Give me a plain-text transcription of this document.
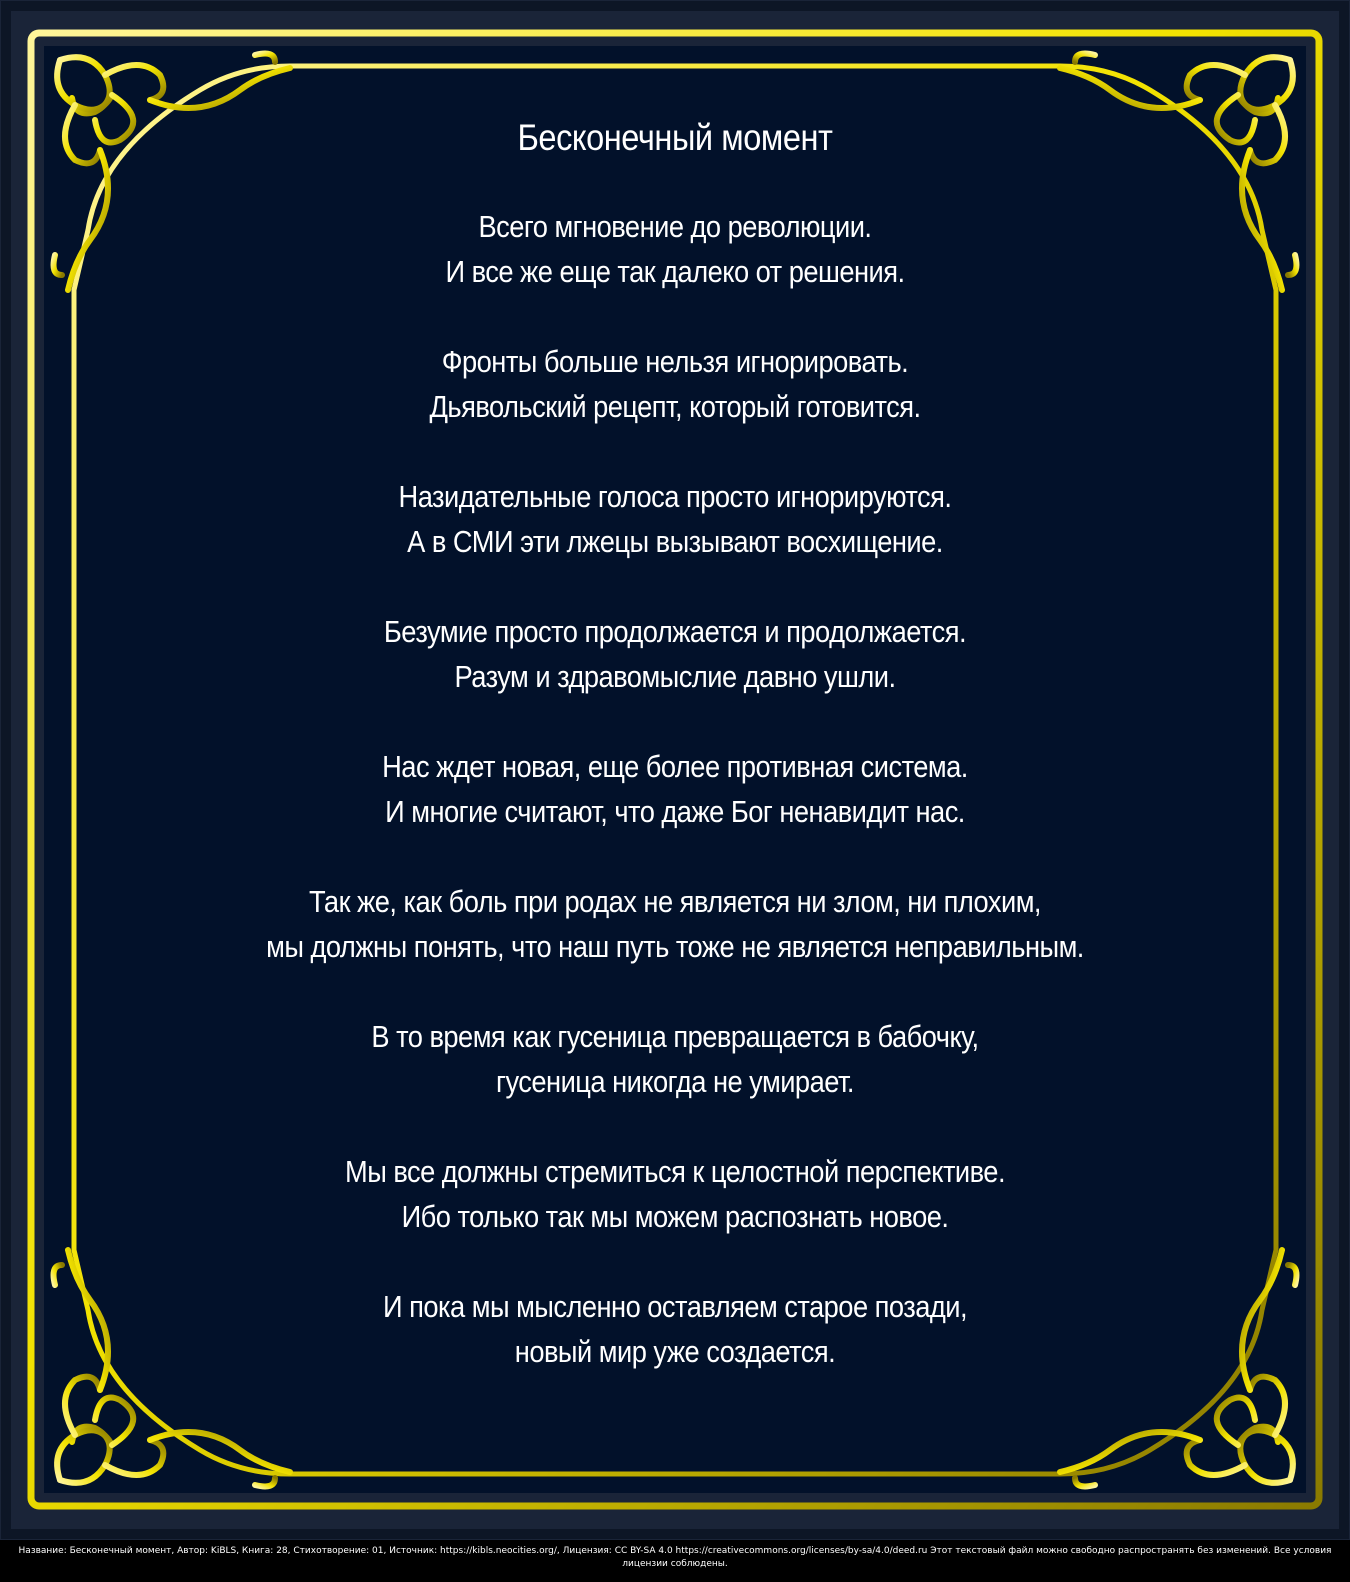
Бесконечный момент
Всего мгновение до революции.
И все же еще так далеко от решения.
Фронты больше нельзя игнорировать.
Дьявольский рецепт, который готовится.
Назидательные голоса просто игнорируются.
А в СМИ эти лжецы вызывают восхищение.
Безумие просто продолжается и продолжается.
Разум и здравомыслие давно ушли.
Нас ждет новая, еще более противная система.
И многие считают, что даже Бог ненавидит нас.
Так же, как боль при родах не является ни злом, ни плохим,
мы должны понять, что наш путь тоже не является неправильным.
В то время как гусеница превращается в бабочку,
гусеница никогда не умирает.
Мы все должны стремиться к целостной перспективе.
Ибо только так мы можем распознать новое.
И пока мы мысленно оставляем старое позади,
новый мир уже создается.
Название: Бесконечный момент, Автор: KiBLS, Книга: 28, Стихотворение: 01, Источник: https://kibls.neocities.org/, Лицензия: CC BY-SA 4.0 https://creativecommons.org/licenses/by-sa/4.0/deed.ru Этот текстовый файл можно свободно распространять без изменений. Все условия лицензии соблюдены.
